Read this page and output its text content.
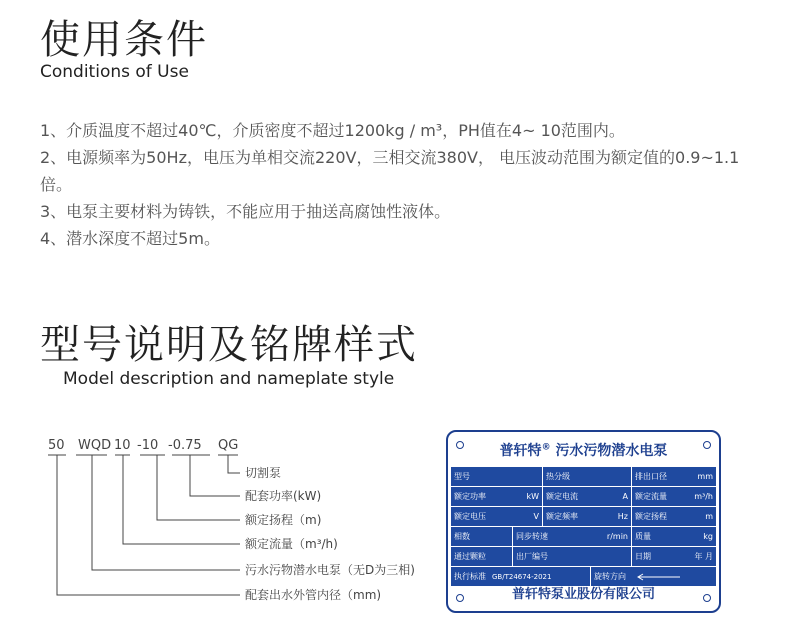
使用条件
Conditions of Use

1、介质温度不超过40℃，介质密度不超过1200kg / m³，PH值在4~ 10范围内。

2、电源频率为50Hz，电压为单相交流220V，三相交流380V， 电压波动范围为额定值的0.9~1.1倍。

3、电泵主要材料为铸铁，不能应用于抽送高腐蚀性液体。

4、潜水深度不超过5m。

型号说明及铭牌样式
Model description and nameplate style
50 WQD 10 -10 -0.75 QG
切割泵
配套功率(kW)
额定扬程（m)
额定流量（m³/h)
污水污物潜水电泵（无D为三相)
配套出水外管内径（mm)
普轩特® 污水污物潜水电泵
型号	热分级	排出口径	mm
额定功率	kW 额定电流	A 额定流量	m³/h
额定电压	V 额定频率	Hz 额定扬程	m
相数	同步转速	r/min 质量	kg
通过颗粒	出厂编号	日期	年 月
执行标准 GB/T24674-2021	旋转方向
普轩特泵业股份有限公司
